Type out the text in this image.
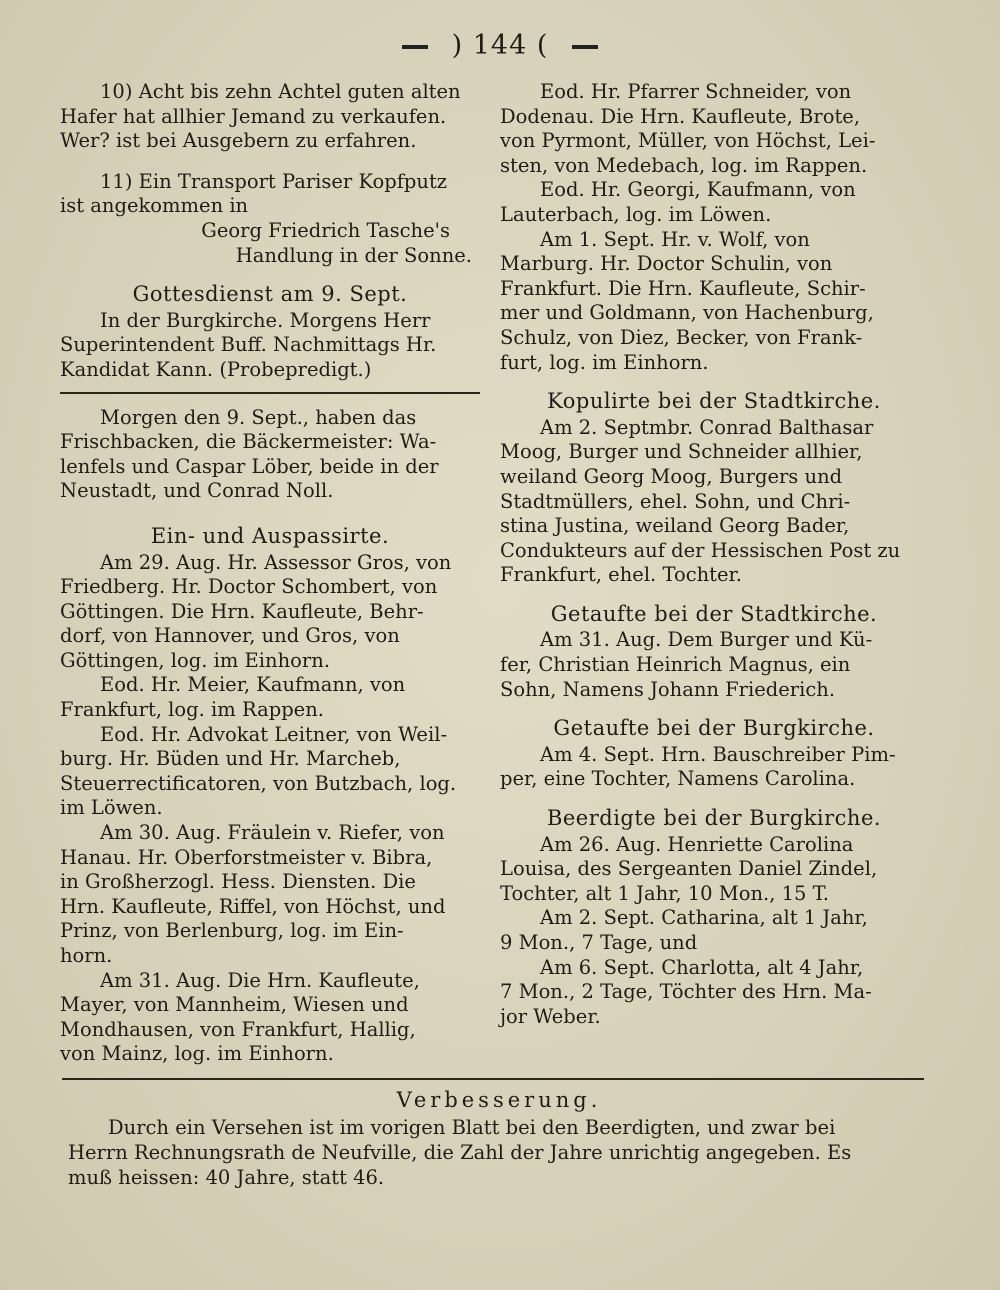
) 144 (

10) Acht bis zehn Achtel guten alten

Hafer hat allhier Jemand zu verkaufen.

Wer? ist bei Ausgebern zu erfahren.

11) Ein Transport Pariser Kopfputz

ist angekommen in

Georg Friedrich Tasche's

Handlung in der Sonne.

Gottesdienst am 9. Sept.

In der Burgkirche. Morgens Herr

Superintendent Buff. Nachmittags Hr.

Kandidat Kann. (Probepredigt.)

Morgen den 9. Sept., haben das

Frischbacken, die Bäckermeister: Wa-

lenfels und Caspar Löber, beide in der

Neustadt, und Conrad Noll.

Ein- und Auspassirte.

Am 29. Aug. Hr. Assessor Gros, von

Friedberg. Hr. Doctor Schombert, von

Göttingen. Die Hrn. Kaufleute, Behr-

dorf, von Hannover, und Gros, von

Göttingen, log. im Einhorn.

Eod. Hr. Meier, Kaufmann, von

Frankfurt, log. im Rappen.

Eod. Hr. Advokat Leitner, von Weil-

burg. Hr. Büden und Hr. Marcheb,

Steuerrectificatoren, von Butzbach, log.

im Löwen.

Am 30. Aug. Fräulein v. Riefer, von

Hanau. Hr. Oberforstmeister v. Bibra,

in Großherzogl. Hess. Diensten. Die

Hrn. Kaufleute, Riffel, von Höchst, und

Prinz, von Berlenburg, log. im Ein-

horn.

Am 31. Aug. Die Hrn. Kaufleute,

Mayer, von Mannheim, Wiesen und

Mondhausen, von Frankfurt, Hallig,

von Mainz, log. im Einhorn.

Eod. Hr. Pfarrer Schneider, von

Dodenau. Die Hrn. Kaufleute, Brote,

von Pyrmont, Müller, von Höchst, Lei-

sten, von Medebach, log. im Rappen.

Eod. Hr. Georgi, Kaufmann, von

Lauterbach, log. im Löwen.

Am 1. Sept. Hr. v. Wolf, von

Marburg. Hr. Doctor Schulin, von

Frankfurt. Die Hrn. Kaufleute, Schir-

mer und Goldmann, von Hachenburg,

Schulz, von Diez, Becker, von Frank-

furt, log. im Einhorn.

Kopulirte bei der Stadtkirche.

Am 2. Septmbr. Conrad Balthasar

Moog, Burger und Schneider allhier,

weiland Georg Moog, Burgers und

Stadtmüllers, ehel. Sohn, und Chri-

stina Justina, weiland Georg Bader,

Condukteurs auf der Hessischen Post zu

Frankfurt, ehel. Tochter.

Getaufte bei der Stadtkirche.

Am 31. Aug. Dem Burger und Kü-

fer, Christian Heinrich Magnus, ein

Sohn, Namens Johann Friederich.

Getaufte bei der Burgkirche.

Am 4. Sept. Hrn. Bauschreiber Pim-

per, eine Tochter, Namens Carolina.

Beerdigte bei der Burgkirche.

Am 26. Aug. Henriette Carolina

Louisa, des Sergeanten Daniel Zindel,

Tochter, alt 1 Jahr, 10 Mon., 15 T.

Am 2. Sept. Catharina, alt 1 Jahr,

9 Mon., 7 Tage, und

Am 6. Sept. Charlotta, alt 4 Jahr,

7 Mon., 2 Tage, Töchter des Hrn. Ma-

jor Weber.

Verbesserung.

Durch ein Versehen ist im vorigen Blatt bei den Beerdigten, und zwar bei

Herrn Rechnungsrath de Neufville, die Zahl der Jahre unrichtig angegeben. Es

muß heissen: 40 Jahre, statt 46.
